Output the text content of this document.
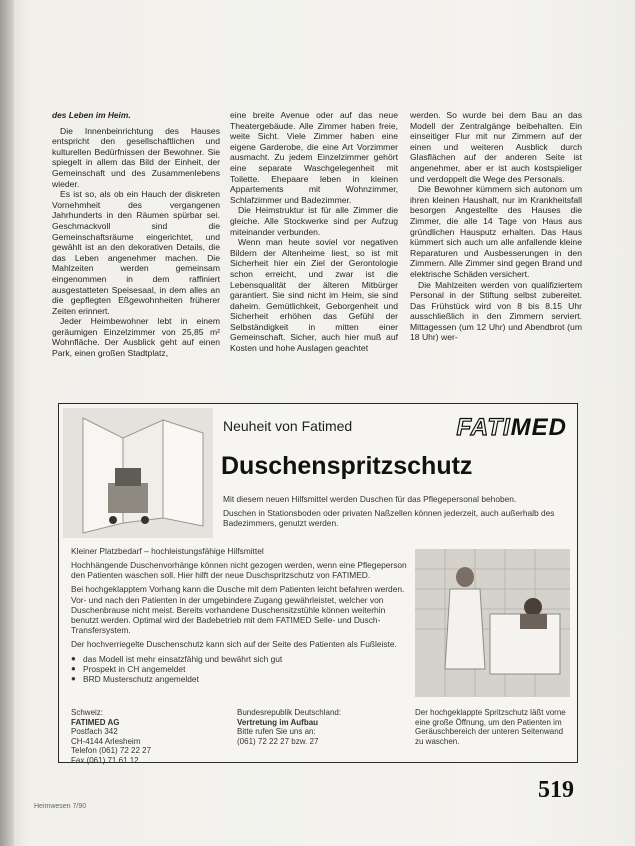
des Leben im Heim.

Die Innenbeinrichtung des Hauses entspricht den gesellschaftlichen und kulturellen Bedürfnissen der Bewohner. Sie spiegelt in allem das Bild der Einheit, der Gemeinschaft und des Zusammenlebens wieder.

Es ist so, als ob ein Hauch der diskreten Vornehmheit des vergangenen Jahrhunderts in den Räumen spürbar sei. Geschmackvoll sind die Gemeinschaftsräume eingerichtet, und gewählt ist an den dekorativen Details, die das Leben angenehmer machen. Die Mahlzeiten werden gemeinsam eingenommen in dem raffiniert ausgestatteten Speisesaal, in dem alles an die gepflegten Eßgewohnheiten früherer Zeiten erinnert.

Jeder Heimbewohner lebt in einem geräumigen Einzelzimmer von 25,85 m² Wohnfläche. Der Ausblick geht auf einen Park, einen großen Stadtplatz,

eine breite Avenue oder auf das neue Theatergebäude. Alle Zimmer haben freie, weite Sicht. Viele Zimmer haben eine eigene Garderobe, die eine Art Vorzimmer ausmacht. Zu jedem Einzelzimmer gehört eine separate Waschgelegenheit mit Toilette. Ehepaare leben in kleinen Appartements mit Wohnzimmer, Schlafzimmer und Badezimmer.

Die Heimstruktur ist für alle Zimmer die gleiche. Alle Stockwerke sind per Aufzug miteinander verbunden.

Wenn man heute soviel vor negativen Bildern der Altenheime liest, so ist mit Sicherheit hier ein Ziel der Gerontologie schon erreicht, und zwar ist die Lebensqualität der älteren Mitbürger garantiert. Sie sind nicht im Heim, sie sind daheim. Gemütlichkeit, Geborgenheit und Sicherheit erhöhen das Gefühl der Selbständigkeit in mitten einer Gemeinschaft. Sicher, auch hier muß auf Kosten und hohe Auslagen geachtet

werden. So wurde bei dem Bau an das Modell der Zentralgänge beibehalten. Ein einseitiger Flur mit nur Zimmern auf der einen und weiteren Ausblick durch Glasflächen auf der anderen Seite ist angenehmer, aber er ist auch kostspieliger und verdoppelt die Wege des Personals.

Die Bewohner kümmern sich autonom um ihren kleinen Haushalt, nur im Krankheitsfall besorgen Angestellte des Hauses die Zimmer, die alle 14 Tage von Haus aus gründlichen Hausputz erhalten. Das Haus kümmert sich auch um alle anfallende kleine Reparaturen und Ausbesserungen in den Zimmern. Alle Zimmer sind gegen Brand und elektrische Schäden versichert.

Die Mahlzeiten werden von qualifiziertem Personal in der Stiftung selbst zubereitet. Das Frühstück wird von 8 bis 8.15 Uhr ausschließlich in den Zimmern serviert. Mittagessen (um 12 Uhr) und Abendbrot (um 18 Uhr) wer-

Neuheit von Fatimed	FATIMED
Duschenspritzschutz

Mit diesem neuen Hilfsmittel werden Duschen für das Pflegepersonal behoben.

Duschen in Stationsboden oder privaten Naßzellen können jederzeit, auch außerhalb des Badezimmers, genutzt werden.

Kleiner Platzbedarf – hochleistungsfähige Hilfsmittel

Hochhängende Duschenvorhänge können nicht gezogen werden, wenn eine Pflegeperson den Patienten waschen soll. Hier hilft der neue Duschspritzschutz von FATIMED.

Bei hochgeklapptem Vorhang kann die Dusche mit dem Patienten leicht befahren werden. Vor- und nach den Patienten in der umgebindere Zugang gewährleistet, welcher von Duschenbrause nicht meist. Bereits vorhandene Duschensitzstühle können weiterhin benutzt werden. Optimal wird der Badebetrieb mit dem FATIMED Selle- und Dusch-Transfersystem.

Der hochverriegelte Duschenschutz kann sich auf der Seite des Patienten als Fußleiste.

● das Modell ist mehr einsatzfähig und bewährt sich gut
● Prospekt in CH angemeldet
● BRD Musterschutz angemeldet
Schweiz:
FATIMED AG
Postfach 342
CH-4144 Arlesheim
Telefon (061) 72 22 27
Fax (061) 71 61 12
Bundesrepublik Deutschland:
Vertretung im Aufbau
Bitte rufen Sie uns an:
(061) 72 22 27 bzw. 27
Der hochgeklappte Spritzschutz läßt vorne eine große Öffnung, um den Patienten im Geräuschbereich der unteren Seitenwand zu waschen.
Heimwesen 7/90
519
